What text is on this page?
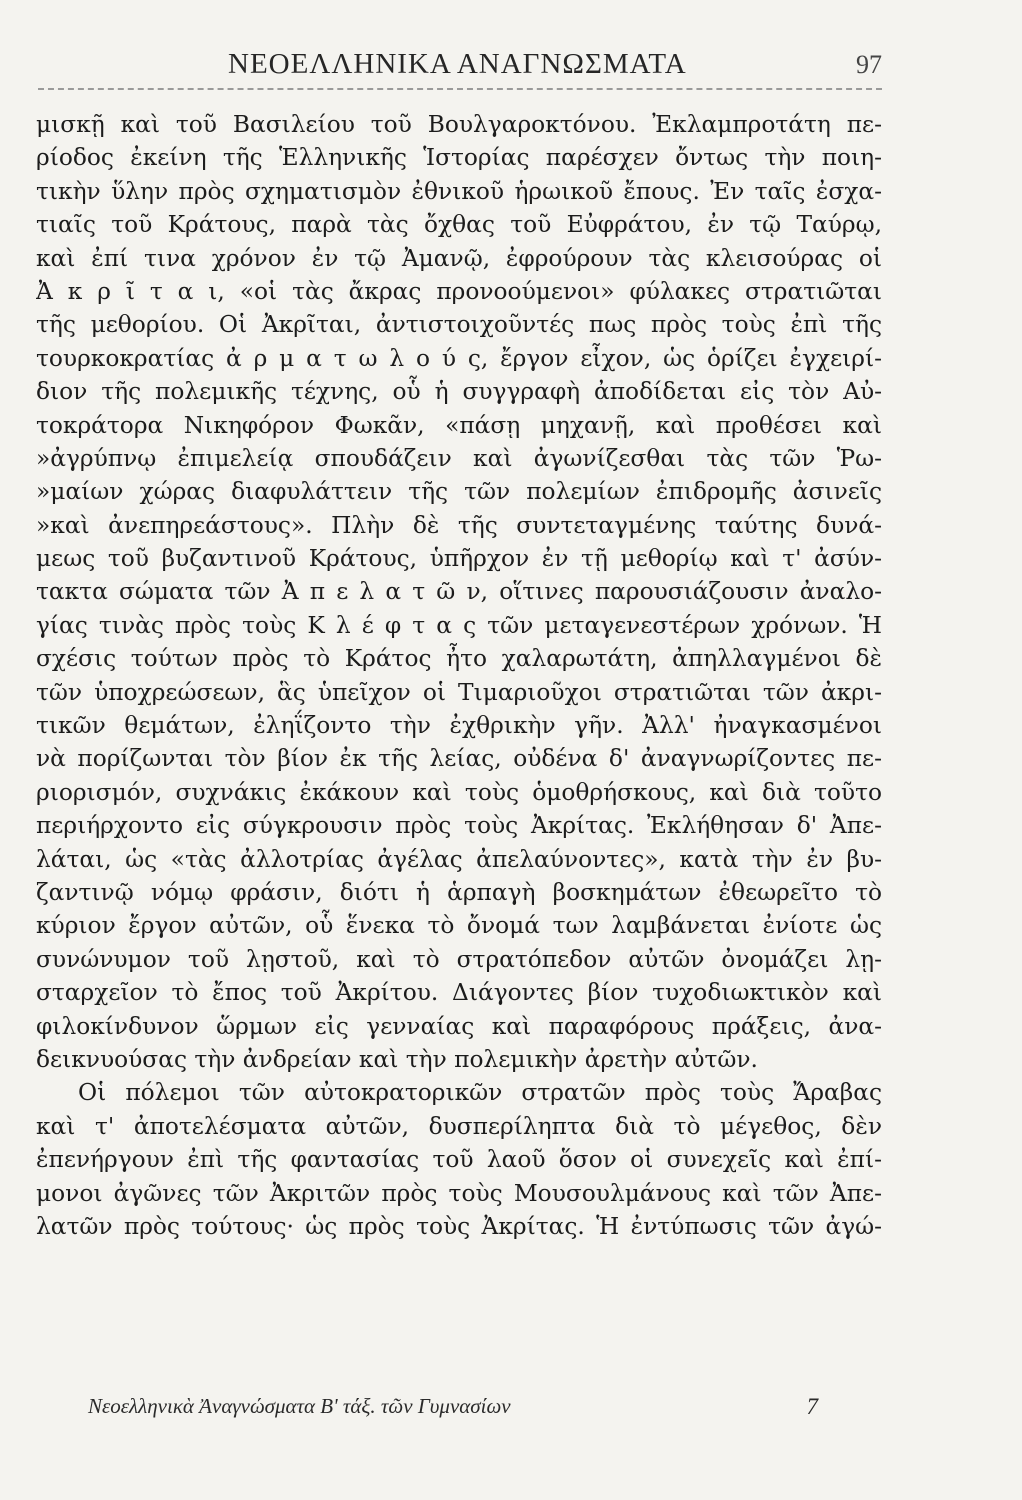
ΝΕΟΕΛΛΗΝΙΚΑ ΑΝΑΓΝΩΣΜΑΤΑ	97
μισκῇ καὶ τοῦ Βασιλείου τοῦ Βουλγαροκτόνου. Ἐκλαμπροτάτη πε-
ρίοδος ἐκείνη τῆς Ἑλληνικῆς Ἱστορίας παρέσχεν ὄντως τὴν ποιη-
τικὴν ὕλην πρὸς σχηματισμὸν ἐθνικοῦ ἡρωικοῦ ἔπους. Ἐν ταῖς ἐσχα-
τιαῖς τοῦ Κράτους, παρὰ τὰς ὄχθας τοῦ Εὐφράτου, ἐν τῷ Ταύρῳ,
καὶ ἐπί τινα χρόνον ἐν τῷ Ἀμανῷ, ἐφρούρουν τὰς κλεισούρας οἱ
Ἀ κ ρ ῖ τ α ι, «οἱ τὰς ἄκρας προνοούμενοι» φύλακες στρατιῶται
τῆς μεθορίου. Οἱ Ἀκρῖται, ἀντιστοιχοῦντές πως πρὸς τοὺς ἐπὶ τῆς
τουρκοκρατίας ἀ ρ μ α τ ω λ ο ύ ς, ἔργον εἶχον, ὡς ὁρίζει ἐγχειρί-
διον τῆς πολεμικῆς τέχνης, οὗ ἡ συγγραφὴ ἀποδίδεται εἰς τὸν Αὐ-
τοκράτορα Νικηφόρον Φωκᾶν, «πάσῃ μηχανῇ, καὶ προθέσει καὶ
»ἀγρύπνῳ ἐπιμελείᾳ σπουδάζειν καὶ ἀγωνίζεσθαι τὰς τῶν Ῥω-
»μαίων χώρας διαφυλάττειν τῆς τῶν πολεμίων ἐπιδρομῆς ἀσινεῖς
»καὶ ἀνεπηρεάστους». Πλὴν δὲ τῆς συντεταγμένης ταύτης δυνά-
μεως τοῦ βυζαντινοῦ Κράτους, ὑπῆρχον ἐν τῇ μεθορίῳ καὶ τ' ἀσύν-
τακτα σώματα τῶν Ἀ π ε λ α τ ῶ ν, οἵτινες παρουσιάζουσιν ἀναλο-
γίας τινὰς πρὸς τοὺς Κ λ έ φ τ α ς τῶν μεταγενεστέρων χρόνων. Ἡ
σχέσις τούτων πρὸς τὸ Κράτος ἦτο χαλαρωτάτη, ἀπηλλαγμένοι δὲ
τῶν ὑποχρεώσεων, ἃς ὑπεῖχον οἱ Τιμαριοῦχοι στρατιῶται τῶν ἀκρι-
τικῶν θεμάτων, ἐληΐζοντο τὴν ἐχθρικὴν γῆν. Ἀλλ' ἠναγκασμένοι
νὰ πορίζωνται τὸν βίον ἐκ τῆς λείας, οὐδένα δ' ἀναγνωρίζοντες πε-
ριορισμόν, συχνάκις ἐκάκουν καὶ τοὺς ὁμοθρήσκους, καὶ διὰ τοῦτο
περιήρχοντο εἰς σύγκρουσιν πρὸς τοὺς Ἀκρίτας. Ἐκλήθησαν δ' Ἀπε-
λάται, ὡς «τὰς ἀλλοτρίας ἀγέλας ἀπελαύνοντες», κατὰ τὴν ἐν βυ-
ζαντινῷ νόμῳ φράσιν, διότι ἡ ἁρπαγὴ βοσκημάτων ἐθεωρεῖτο τὸ
κύριον ἔργον αὐτῶν, οὗ ἕνεκα τὸ ὄνομά των λαμβάνεται ἐνίοτε ὡς
συνώνυμον τοῦ λῃστοῦ, καὶ τὸ στρατόπεδον αὐτῶν ὀνομάζει λῃ-
σταρχεῖον τὸ ἔπος τοῦ Ἀκρίτου. Διάγοντες βίον τυχοδιωκτικὸν καὶ
φιλοκίνδυνον ὥρμων εἰς γενναίας καὶ παραφόρους πράξεις, ἀνα-
δεικνυούσας τὴν ἀνδρείαν καὶ τὴν πολεμικὴν ἀρετὴν αὐτῶν.
Οἱ πόλεμοι τῶν αὐτοκρατορικῶν στρατῶν πρὸς τοὺς Ἄραβας
καὶ τ' ἀποτελέσματα αὐτῶν, δυσπερίληπτα διὰ τὸ μέγεθος, δὲν
ἐπενήργουν ἐπὶ τῆς φαντασίας τοῦ λαοῦ ὅσον οἱ συνεχεῖς καὶ ἐπί-
μονοι ἀγῶνες τῶν Ἀκριτῶν πρὸς τοὺς Μουσουλμάνους καὶ τῶν Ἀπε-
λατῶν πρὸς τούτους· ὡς πρὸς τοὺς Ἀκρίτας. Ἡ ἐντύπωσις τῶν ἀγώ-
Νεοελληνικὰ Ἀναγνώσματα Β' τάξ. τῶν Γυμνασίων	7
